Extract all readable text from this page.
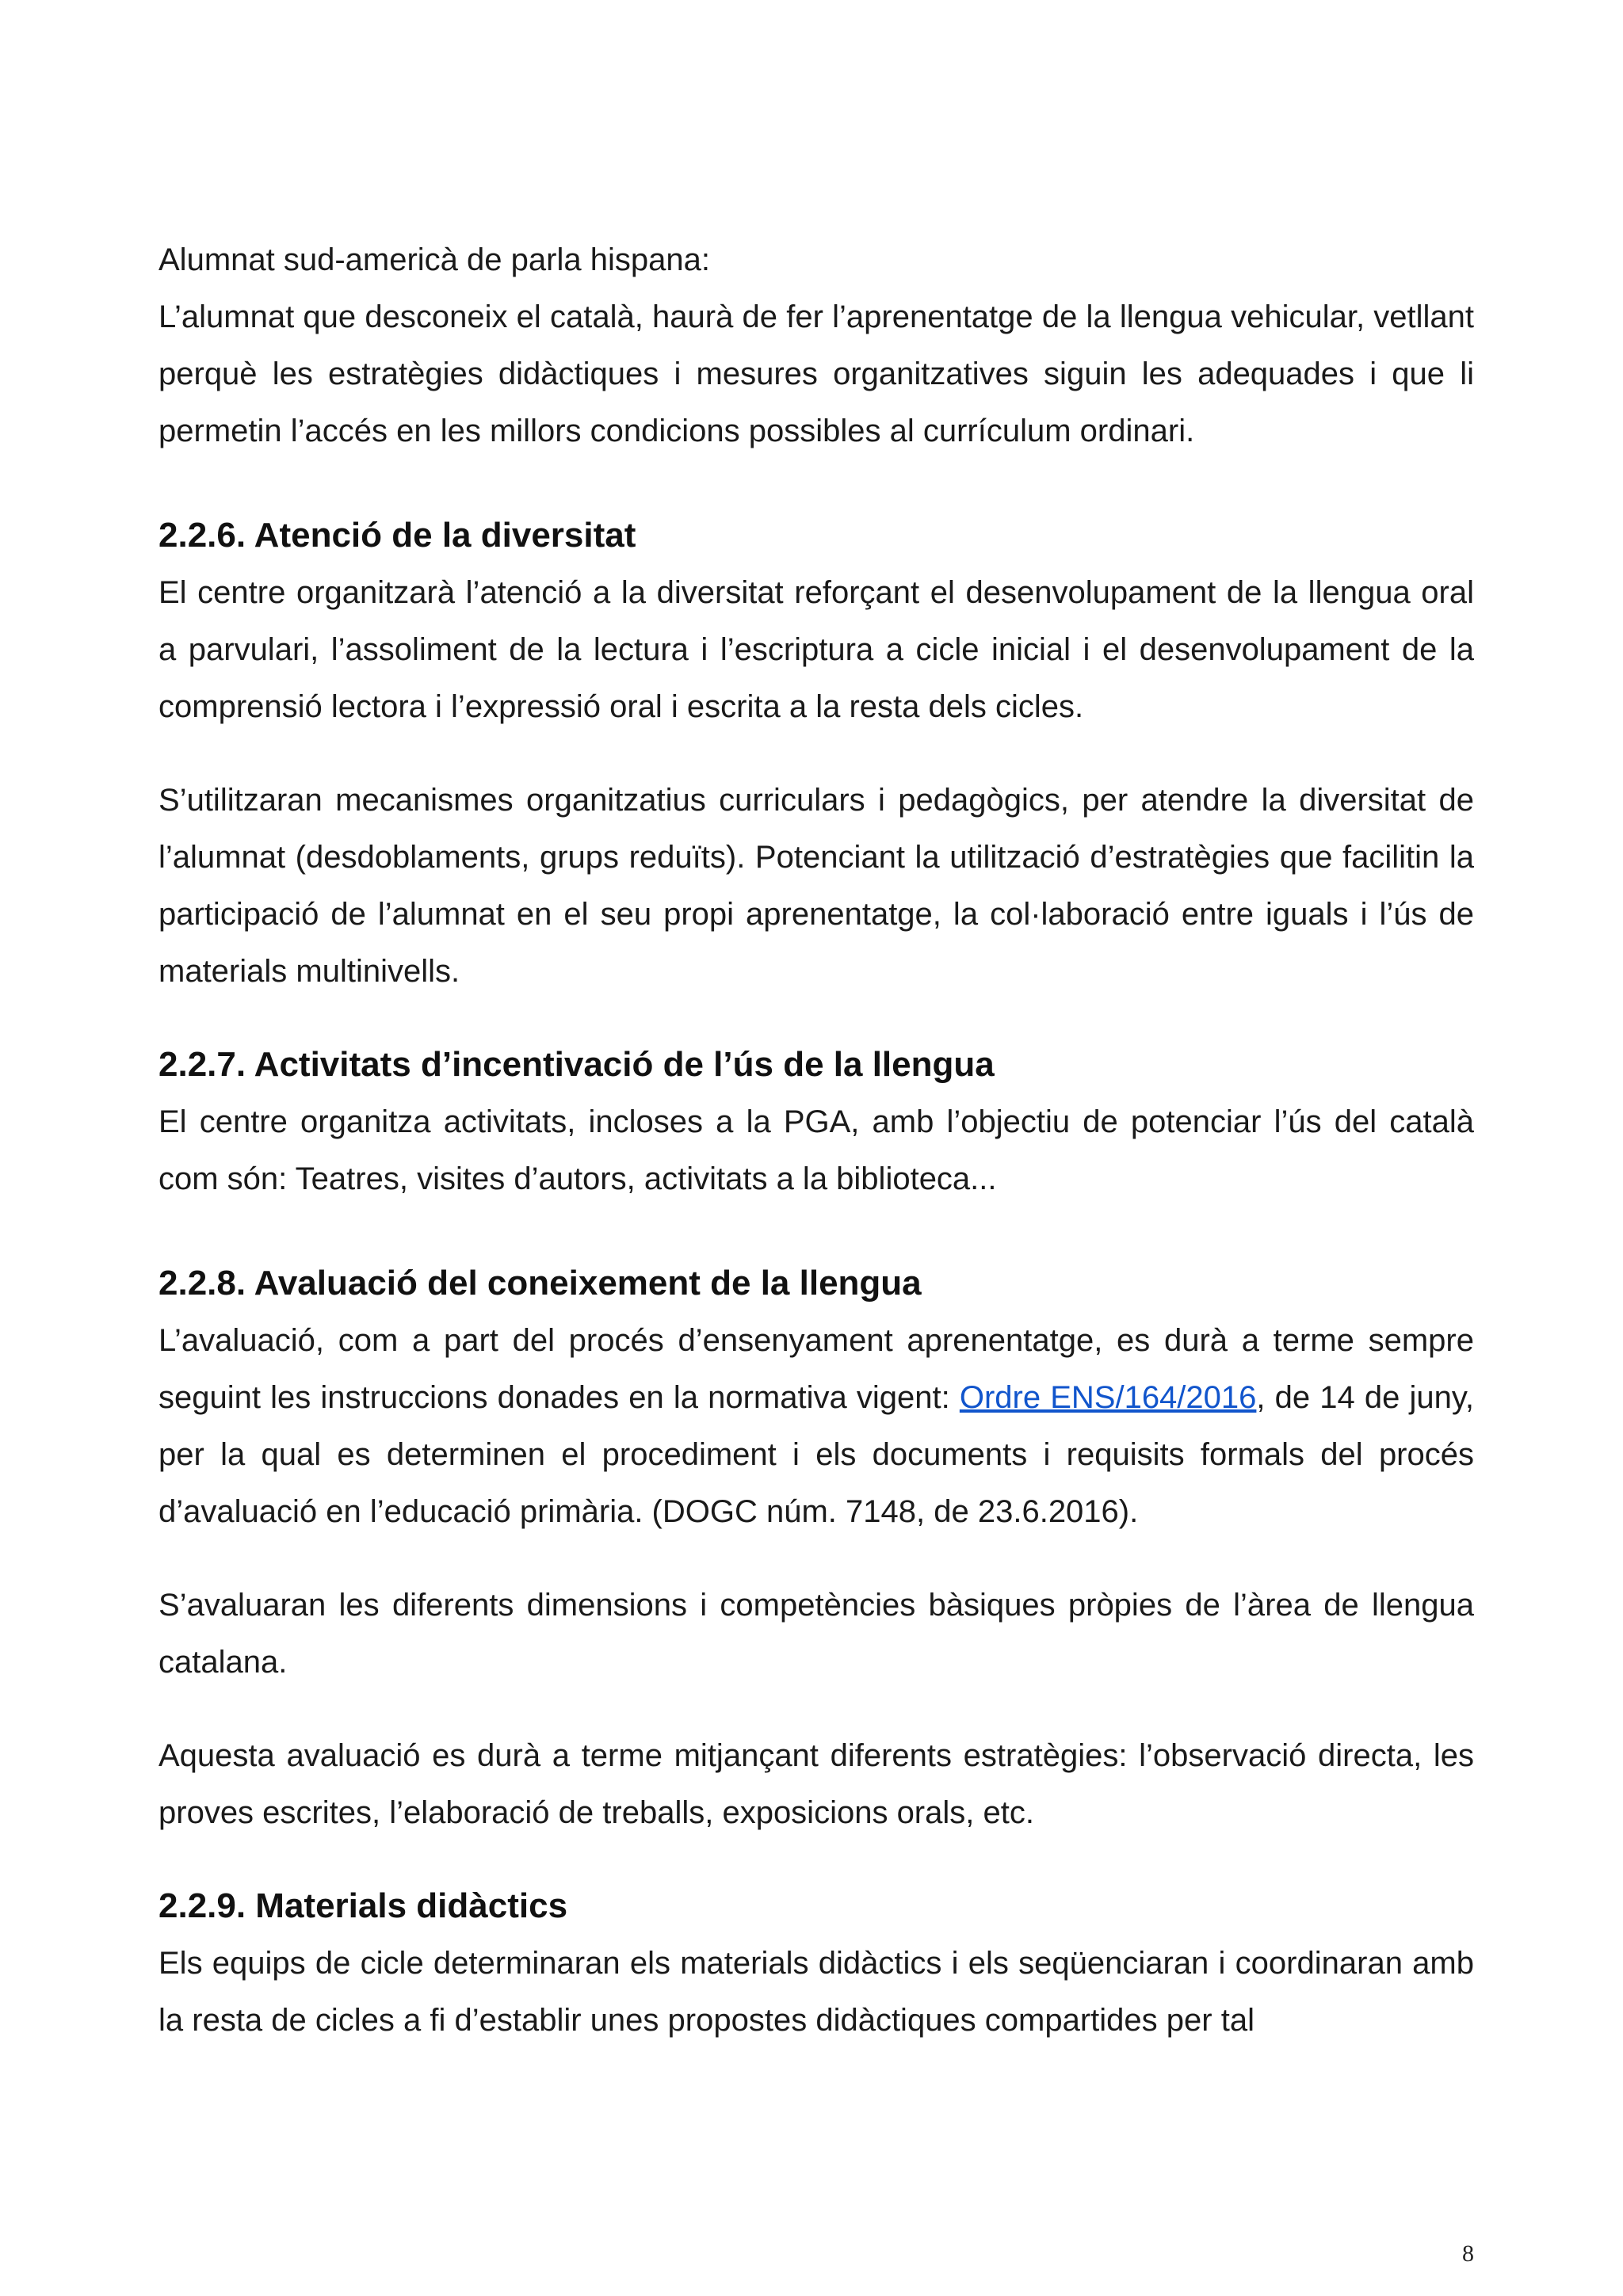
Alumnat sud-americà de parla hispana:

L’alumnat que desconeix el català, haurà de fer l’aprenentatge de la llengua vehicular, vetllant perquè les estratègies didàctiques i mesures organitzatives siguin les adequades i que li permetin l’accés en les millors condicions possibles al currículum ordinari.

2.2.6. Atenció de la diversitat

El centre organitzarà l’atenció a la diversitat reforçant el desenvolupament de la llengua oral a parvulari, l’assoliment de la lectura i l’escriptura a cicle inicial i el desenvolupament de la comprensió lectora i l’expressió oral i escrita a la resta dels cicles.

S’utilitzaran mecanismes organitzatius curriculars i pedagògics, per atendre la diversitat de l’alumnat (desdoblaments, grups reduïts). Potenciant la utilització d’estratègies que facilitin la participació de l’alumnat en el seu propi aprenentatge, la col·laboració entre iguals i l’ús de materials multinivells.

2.2.7. Activitats d’incentivació de l’ús de la llengua

El centre organitza activitats, incloses a la PGA, amb l’objectiu de potenciar l’ús del català com són: Teatres, visites d’autors, activitats a la biblioteca...

2.2.8. Avaluació del coneixement de la llengua

L’avaluació, com a part del procés d’ensenyament aprenentatge, es durà a terme sempre seguint les instruccions donades en la normativa vigent: Ordre ENS/164/2016, de 14 de juny, per la qual es determinen el procediment i els documents i requisits formals del procés d’avaluació en l’educació primària. (DOGC núm. 7148, de 23.6.2016).

S’avaluaran les diferents dimensions i competències bàsiques pròpies de l’àrea de llengua catalana.

Aquesta avaluació es durà a terme mitjançant diferents estratègies: l’observació directa, les proves escrites, l’elaboració de treballs, exposicions orals, etc.

2.2.9. Materials didàctics

Els equips de cicle determinaran els materials didàctics i els seqüenciaran i coordinaran amb la resta de cicles a fi d’establir unes propostes didàctiques compartides per tal

8
